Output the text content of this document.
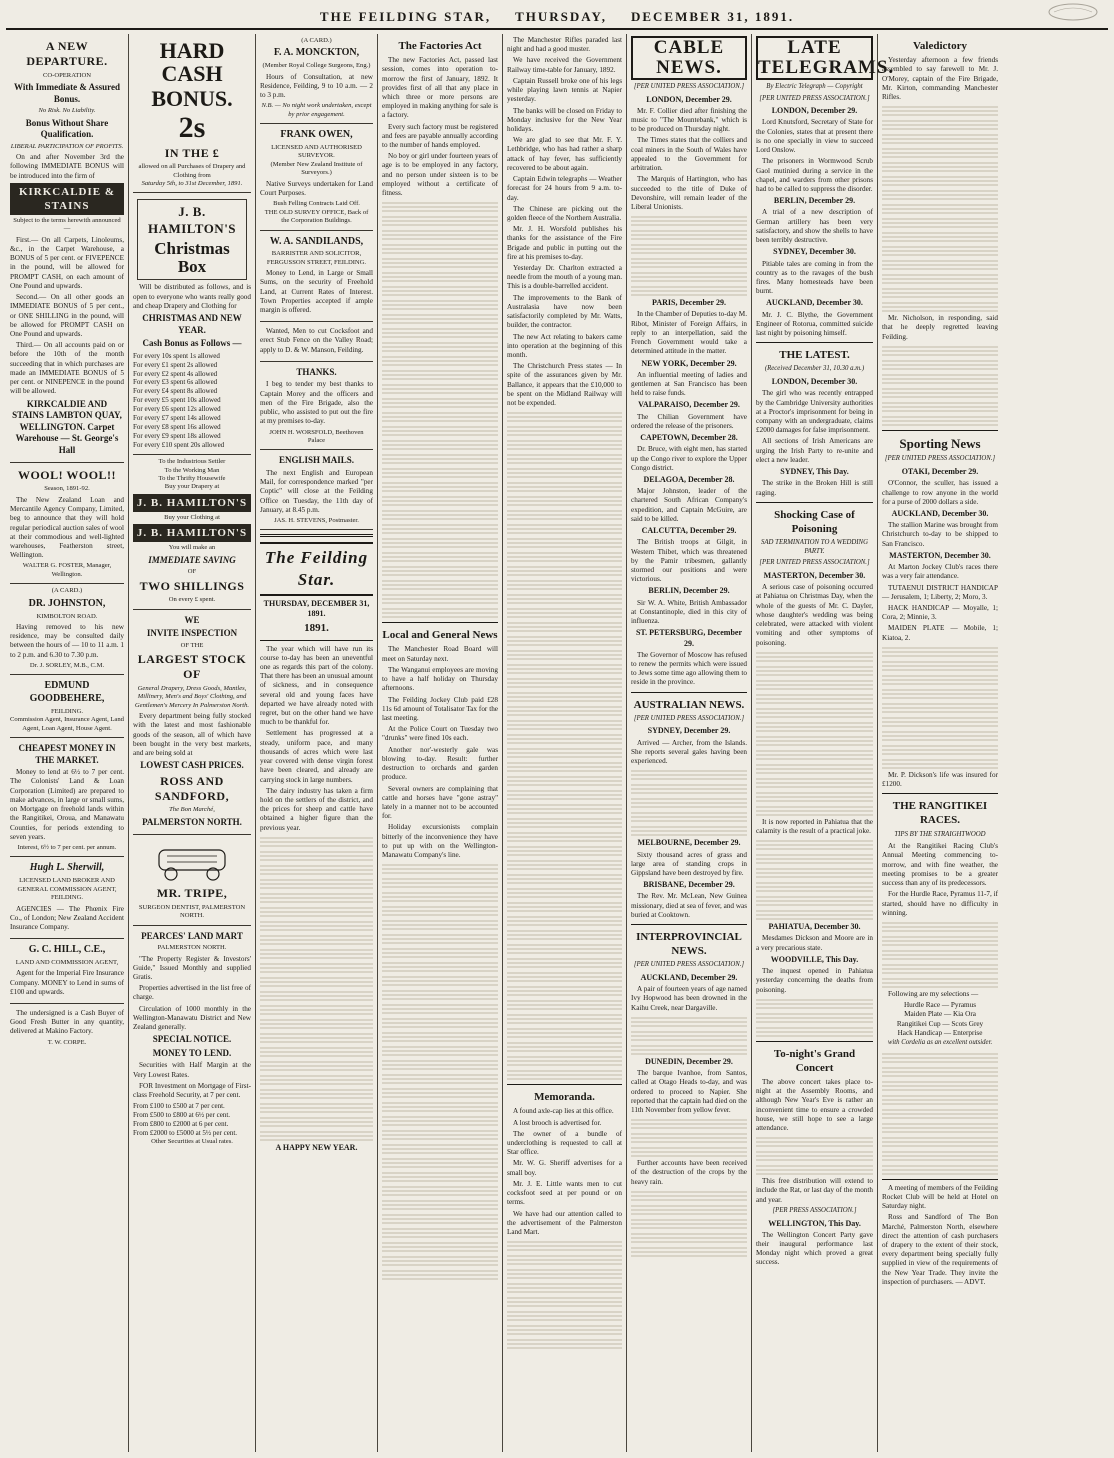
THE FEILDING STAR, THURSDAY, DECEMBER 31, 1891.
A NEW DEPARTURE.
CO-OPERATION
With Immediate & Assured Bonus.
No Risk. No Liability.
Bonus Without Share Qualification.
LIBERAL PARTICIPATION OF PROFITS.
On and after November 3rd the following IMMEDIATE BONUS will be introduced into the firm of
KIRKCALDIE & STAINS
Subject to the terms herewith announced —
First.— On all Carpets, Linoleums, &c., in the Carpet Warehouse, a BONUS of 5 per cent. or FIVEPENCE in the pound, will be allowed for PROMPT CASH, on each amount of One Pound and upwards.
Second.— On all other goods an IMMEDIATE BONUS of 5 per cent., or ONE SHILLING in the pound, will be allowed for PROMPT CASH on One Pound and upwards.
Third.— On all accounts paid on or before the 10th of the month succeeding that in which purchases are made an IMMEDIATE BONUS of 5 per cent. or NINEPENCE in the pound will be allowed.
KIRKCALDIE AND STAINS LAMBTON QUAY, WELLINGTON. Carpet Warehouse — St. George's Hall
WOOL! WOOL!!
Season, 1891-92.
The New Zealand Loan and Mercantile Agency Company, Limited, beg to announce that they will hold regular periodical auction sales of wool at their commodious and well-lighted warehouses, Featherston street, Wellington.
WALTER G. FOSTER, Manager, Wellington.
(A CARD.)
DR. JOHNSTON,
KIMBOLTON ROAD.
Having removed to his new residence, may be consulted daily between the hours of — 10 to 11 a.m. 1 to 2 p.m. and 6.30 to 7.30 p.m.
Dr. J. SORLEY, M.B., C.M.
EDMUND GOODBEHERE,
FEILDING.
Commission Agent, Insurance Agent, Land Agent, Loan Agent, House Agent.
CHEAPEST MONEY IN THE MARKET.
Money to lend at 6½ to 7 per cent. The Colonists' Land & Loan Corporation (Limited) are prepared to make advances, in large or small sums, on Mortgage on freehold lands within the Rangitikei, Oroua, and Manawatu Counties, for periods extending to seven years.
Interest, 6½ to 7 per cent. per annum.
Hugh L. Sherwill,
LICENSED LAND BROKER AND GENERAL COMMISSION AGENT, FEILDING.
AGENCIES — The Phœnix Fire Co., of London; New Zealand Accident Insurance Company.
G. C. HILL, C.E.,
LAND AND COMMISSION AGENT,
Agent for the Imperial Fire Insurance Company. MONEY to Lend in sums of £100 and upwards.
The undersigned is a Cash Buyer of Good Fresh Butter in any quantity, delivered at Makino Factory.
T. W. CORPE.
HARD CASH
BONUS.
2s
IN THE £
allowed on all Purchases of Drapery and Clothing from
Saturday 5th, to 31st December, 1891.
J. B. HAMILTON'S
Christmas Box
Will be distributed as follows, and is open to everyone who wants really good and cheap Drapery and Clothing for
CHRISTMAS AND NEW YEAR.
Cash Bonus as Follows —
For every 10s spent 1s allowed
For every £1 spent 2s allowed
For every £2 spent 4s allowed
For every £3 spent 6s allowed
For every £4 spent 8s allowed
For every £5 spent 10s allowed
For every £6 spent 12s allowed
For every £7 spent 14s allowed
For every £8 spent 16s allowed
For every £9 spent 18s allowed
For every £10 spent 20s allowed
To the Industrious Settler
To the Working Man
To the Thrifty Housewife
Buy your Drapery at
J. B. HAMILTON'S
Buy your Clothing at
J. B. HAMILTON'S
You will make an
IMMEDIATE SAVING
OF
TWO SHILLINGS
On every £ spent.
WE
INVITE INSPECTION
OF THE
LARGEST STOCK OF
General Drapery, Dress Goods, Mantles, Millinery, Men's and Boys' Clothing, and Gentlemen's Mercery In Palmerston North.
Every department being fully stocked with the latest and most fashionable goods of the season, all of which have been bought in the very best markets, and are being sold at
LOWEST CASH PRICES.
ROSS AND SANDFORD,
The Bon Marché,
PALMERSTON NORTH.
MR. TRIPE,
SURGEON DENTIST, PALMERSTON NORTH.
PEARCES' LAND MART
PALMERSTON NORTH.
"The Property Register & Investors' Guide," Issued Monthly and supplied Gratis.
Properties advertised in the list free of charge.
Circulation of 1000 monthly in the Wellington-Manawatu District and New Zealand generally.
SPECIAL NOTICE.
MONEY TO LEND.
Securities with Half Margin at the Very Lowest Rates.
FOR Investment on Mortgage of First-class Freehold Security, at 7 per cent.
From £100 to £500 at 7 per cent.
From £500 to £800 at 6½ per cent.
From £800 to £2000 at 6 per cent.
From £2000 to £5000 at 5½ per cent.
Other Securities at Usual rates.
(A CARD.)
F. A. MONCKTON,
(Member Royal College Surgeons, Eng.)
Hours of Consultation, at new Residence, Feilding, 9 to 10 a.m. — 2 to 3 p.m.
N.B. — No night work undertaken, except by prior engagement.
FRANK OWEN,
LICENSED AND AUTHORISED SURVEYOR.
(Member New Zealand Institute of Surveyors.)
Native Surveys undertaken for Land Court Purposes.
Bush Felling Contracts Laid Off.
THE OLD SURVEY OFFICE, Back of the Corporation Buildings.
W. A. SANDILANDS,
BARRISTER AND SOLICITOR,
FERGUSSON STREET, FEILDING.
Money to Lend, in Large or Small Sums, on the security of Freehold Land, at Current Rates of Interest. Town Properties accepted if ample margin is offered.
Wanted, Men to cut Cocksfoot and erect Stub Fence on the Valley Road; apply to D. & W. Manson, Feilding.
THANKS.
I beg to tender my best thanks to Captain Morey and the officers and men of the Fire Brigade, also the public, who assisted to put out the fire at my premises to-day.
JOHN H. WORSFOLD, Beethoven Palace
ENGLISH MAILS.
The next English and European Mail, for correspondence marked "per Coptic" will close at the Feilding Office on Tuesday, the 11th day of January, at 8.45 p.m.
JAS. H. STEVENS, Postmaster.
The Feilding Star.
THURSDAY, DECEMBER 31, 1891.
1891.
The year which will have run its course to-day has been an uneventful one as regards this part of the colony. That there has been an unusual amount of sickness, and in consequence several old and young faces have departed we have already noted with regret, but on the other hand we have much to be thankful for.
Settlement has progressed at a steady, uniform pace, and many thousands of acres which were last year covered with dense virgin forest have been cleared, and already are carrying stock in large numbers.
The dairy industry has taken a firm hold on the settlers of the district, and the prices for sheep and cattle have obtained a higher figure than the previous year.
A HAPPY NEW YEAR.
The Factories Act
The new Factories Act, passed last session, comes into operation to-morrow the first of January, 1892. It provides first of all that any place in which three or more persons are employed in making anything for sale is a factory.
Every such factory must be registered and fees are payable annually according to the number of hands employed.
No boy or girl under fourteen years of age is to be employed in any factory, and no person under sixteen is to be employed without a certificate of fitness.
Local and General News
The Manchester Road Board will meet on Saturday next.
The Wanganui employees are moving to have a half holiday on Thursday afternoons.
The Feilding Jockey Club paid £28 11s 6d amount of Totalisator Tax for the last meeting.
At the Police Court on Tuesday two "drunks" were fined 10s each.
Another nor'-westerly gale was blowing to-day. Result: further destruction to orchards and garden produce.
Several owners are complaining that cattle and horses have "gone astray" lately in a manner not to be accounted for.
Holiday excursionists complain bitterly of the inconvenience they have to put up with on the Wellington-Manawatu Company's line.
The Manchester Rifles paraded last night and had a good muster.
We have received the Government Railway time-table for January, 1892.
Captain Russell broke one of his legs while playing lawn tennis at Napier yesterday.
The banks will be closed on Friday to Monday inclusive for the New Year holidays.
We are glad to see that Mr. F. Y. Lethbridge, who has had rather a sharp attack of hay fever, has sufficiently recovered to be about again.
Captain Edwin telegraphs — Weather forecast for 24 hours from 9 a.m. to-day.
The Chinese are picking out the golden fleece of the Northern Australia.
Mr. J. H. Worsfold publishes his thanks for the assistance of the Fire Brigade and public in putting out the fire at his premises to-day.
Yesterday Dr. Charlton extracted a needle from the mouth of a young man. This is a double-barrelled accident.
The improvements to the Bank of Australasia have now been satisfactorily completed by Mr. Watts, builder, the contractor.
The new Act relating to bakers came into operation at the beginning of this month.
The Christchurch Press states — In spite of the assurances given by Mr. Ballance, it appears that the £10,000 to be spent on the Midland Railway will not be expended.
Memoranda.
A found axle-cap lies at this office.
A lost brooch is advertised for.
The owner of a bundle of underclothing is requested to call at Star office.
Mr. W. G. Sheriff advertises for a small boy.
Mr. J. E. Little wants men to cut cocksfoot seed at per pound or on terms.
We have had our attention called to the advertisement of the Palmerston Land Mart.
CABLE NEWS.
[PER UNITED PRESS ASSOCIATION.]
LONDON, December 29.
Mr. F. Collier died after finishing the music to "The Mountebank," which is to be produced on Thursday night.
The Times states that the colliers and coal miners in the South of Wales have appealed to the Government for arbitration.
The Marquis of Hartington, who has succeeded to the title of Duke of Devonshire, will remain leader of the Liberal Unionists.
PARIS, December 29.
In the Chamber of Deputies to-day M. Ribot, Minister of Foreign Affairs, in reply to an interpellation, said the French Government would take a determined attitude in the matter.
NEW YORK, December 29.
An influential meeting of ladies and gentlemen at San Francisco has been held to raise funds.
VALPARAISO, December 29.
The Chilian Government have ordered the release of the prisoners.
CAPETOWN, December 28.
Dr. Bruce, with eight men, has started up the Congo river to explore the Upper Congo district.
DELAGOA, December 28.
Major Johnston, leader of the chartered South African Company's expedition, and Captain McGuire, are said to be killed.
CALCUTTA, December 29.
The British troops at Gilgit, in Western Thibet, which was threatened by the Pamir tribesmen, gallantly stormed our positions and were victorious.
BERLIN, December 29.
Sir W. A. White, British Ambassador at Constantinople, died in this city of influenza.
ST. PETERSBURG, December 29.
The Governor of Moscow has refused to renew the permits which were issued to Jews some time ago allowing them to reside in the province.
AUSTRALIAN NEWS.
[PER UNITED PRESS ASSOCIATION.]
SYDNEY, December 29.
Arrived — Archer, from the Islands. She reports several gales having been experienced.
MELBOURNE, December 29.
Sixty thousand acres of grass and large area of standing crops in Gippsland have been destroyed by fire.
BRISBANE, December 29.
The Rev. Mr. McLean, New Guinea missionary, died at sea of fever, and was buried at Cooktown.
INTERPROVINCIAL NEWS.
[PER UNITED PRESS ASSOCIATION.]
AUCKLAND, December 29.
A pair of fourteen years of age named Ivy Hopwood has been drowned in the Kaihu Creek, near Dargaville.
DUNEDIN, December 29.
The barque Ivanhoe, from Santos, called at Otago Heads to-day, and was ordered to proceed to Napier. She reported that the captain had died on the 11th November from yellow fever.
Further accounts have been received of the destruction of the crops by the heavy rain.
LATE TELEGRAMS.
By Electric Telegraph — Copyright
[PER UNITED PRESS ASSOCIATION.]
LONDON, December 29.
Lord Knutsford, Secretary of State for the Colonies, states that at present there is no one specially in view to succeed Lord Onslow.
The prisoners in Wormwood Scrub Gaol mutinied during a service in the chapel, and warders from other prisons had to be called to suppress the disorder.
BERLIN, December 29.
A trial of a new description of German artillery has been very satisfactory, and show the shells to have been terribly destructive.
SYDNEY, December 30.
Pitiable tales are coming in from the country as to the ravages of the bush fires. Many homesteads have been burnt.
AUCKLAND, December 30.
Mr. J. C. Blythe, the Government Engineer of Rotorua, committed suicide last night by poisoning himself.
THE LATEST.
(Received December 31, 10.30 a.m.)
LONDON, December 30.
The girl who was recently entrapped by the Cambridge University authorities at a Proctor's imprisonment for being in company with an undergraduate, claims £2000 damages for false imprisonment.
All sections of Irish Americans are urging the Irish Party to re-unite and elect a new leader.
SYDNEY, This Day.
The strike in the Broken Hill is still raging.
Shocking Case of Poisoning
SAD TERMINATION TO A WEDDING PARTY.
[PER UNITED PRESS ASSOCIATION.]
MASTERTON, December 30.
A serious case of poisoning occurred at Pahiatua on Christmas Day, when the whole of the guests of Mr. C. Dayler, whose daughter's wedding was being celebrated, were attacked with violent vomiting and other symptoms of poisoning.
It is now reported in Pahiatua that the calamity is the result of a practical joke.
PAHIATUA, December 30.
Mesdames Dickson and Moore are in a very precarious state.
WOODVILLE, This Day.
The inquest opened in Pahiatua yesterday concerning the deaths from poisoning.
To-night's Grand Concert
The above concert takes place to-night at the Assembly Rooms, and although New Year's Eve is rather an inconvenient time to ensure a crowded house, we still hope to see a large attendance.
This free distribution will extend to include the Rat, or last day of the month and year.
[PER PRESS ASSOCIATION.]
WELLINGTON, This Day.
The Wellington Concert Party gave their inaugural performance last Monday night which proved a great success.
Valedictory
Yesterday afternoon a few friends assembled to say farewell to Mr. J. O'Morey, captain of the Fire Brigade, Mr. Kirton, commanding Manchester Rifles.
Mr. Nicholson, in responding, said that he deeply regretted leaving Feilding.
Sporting News
[PER UNITED PRESS ASSOCIATION.]
OTAKI, December 29.
O'Connor, the sculler, has issued a challenge to row anyone in the world for a purse of 2000 dollars a side.
AUCKLAND, December 30.
The stallion Marine was brought from Christchurch to-day to be shipped to San Francisco.
MASTERTON, December 30.
At Marton Jockey Club's races there was a very fair attendance.
TUTAENUI DISTRICT HANDICAP — Jerusalem, 1; Liberty, 2; Moro, 3.
HACK HANDICAP — Moyalle, 1; Cora, 2; Minnie, 3.
MAIDEN PLATE — Mobile, 1; Kiatoa, 2.
Mr. P. Dickson's life was insured for £1200.
THE RANGITIKEI RACES.
TIPS BY THE STRAIGHTWOOD
At the Rangitikei Racing Club's Annual Meeting commencing to-morrow, and with fine weather, the meeting promises to be a greater success than any of its predecessors.
For the Hurdle Race, Pyramus 11-7, if started, should have no difficulty in winning.
Following are my selections —
Hurdle Race — Pyramus
Maiden Plate — Kia Ora
Rangitikei Cup — Scots Grey
Hack Handicap — Enterprise
with Cordelia as an excellent outsider.
A meeting of members of the Feilding Rocket Club will be held at Hotel on Saturday night.
Ross and Sandford of The Bon Marché, Palmerston North, elsewhere direct the attention of cash purchasers of drapery to the extent of their stock, every department being specially fully supplied in view of the requirements of the New Year Trade. They invite the inspection of purchasers. — ADVT.
